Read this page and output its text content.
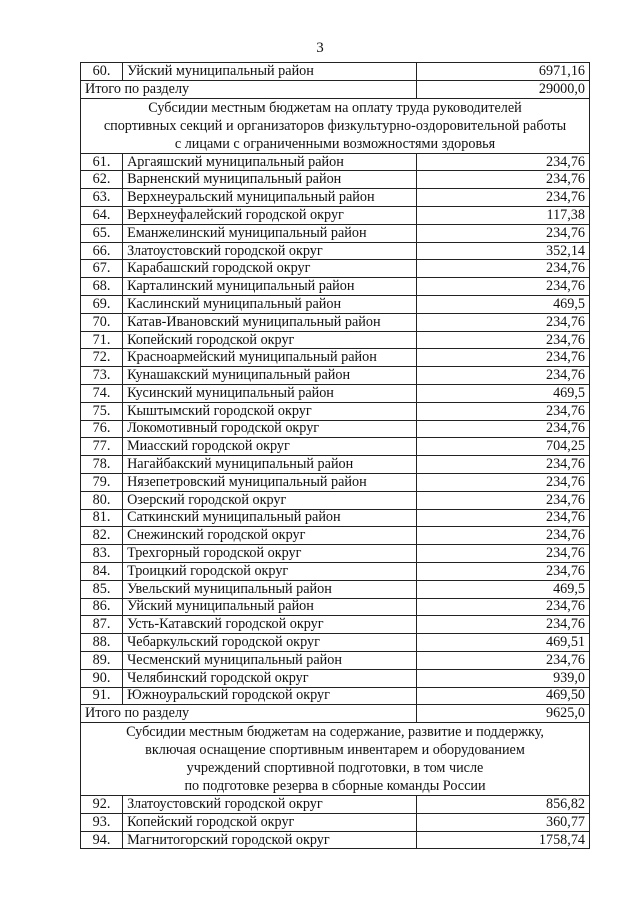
3
60.	Уйский муниципальный район	6971,16
Итого по разделу		29000,0

Субсидии местным бюджетам на оплату труда руководителей
спортивных секций и организаторов физкультурно-оздоровительной работы
с лицами с ограниченными возможностями здоровья		

61.	Аргаяшский муниципальный район	234,76
62.	Варненский муниципальный район	234,76
63.	Верхнеуральский муниципальный район	234,76
64.	Верхнеуфалейский городской округ	117,38
65.	Еманжелинский муниципальный район	234,76
66.	Златоустовский городской округ	352,14
67.	Карабашский городской округ	234,76
68.	Карталинский муниципальный район	234,76
69.	Каслинский муниципальный район	469,5
70.	Катав-Ивановский муниципальный район	234,76
71.	Копейский городской округ	234,76
72.	Красноармейский муниципальный район	234,76
73.	Кунашакский муниципальный район	234,76
74.	Кусинский муниципальный район	469,5
75.	Кыштымский городской округ	234,76
76.	Локомотивный городской округ	234,76
77.	Миасский городской округ	704,25
78.	Нагайбакский муниципальный район	234,76
79.	Нязепетровский муниципальный район	234,76
80.	Озерский городской округ	234,76
81.	Саткинский муниципальный район	234,76
82.	Снежинский городской округ	234,76
83.	Трехгорный городской округ	234,76
84.	Троицкий городской округ	234,76
85.	Увельский муниципальный район	469,5
86.	Уйский муниципальный район	234,76
87.	Усть-Катавский городской округ	234,76
88.	Чебаркульский городской округ	469,51
89.	Чесменский муниципальный район	234,76
90.	Челябинский городской округ	939,0
91.	Южноуральский городской округ	469,50
Итого по разделу		9625,0

Субсидии местным бюджетам на содержание, развитие и поддержку,
включая оснащение спортивным инвентарем и оборудованием
учреждений спортивной подготовки, в том числе
по подготовке резерва в сборные команды России		

92.	Златоустовский городской округ	856,82
93.	Копейский городской округ	360,77
94.	Магнитогорский городской округ	1758,74
